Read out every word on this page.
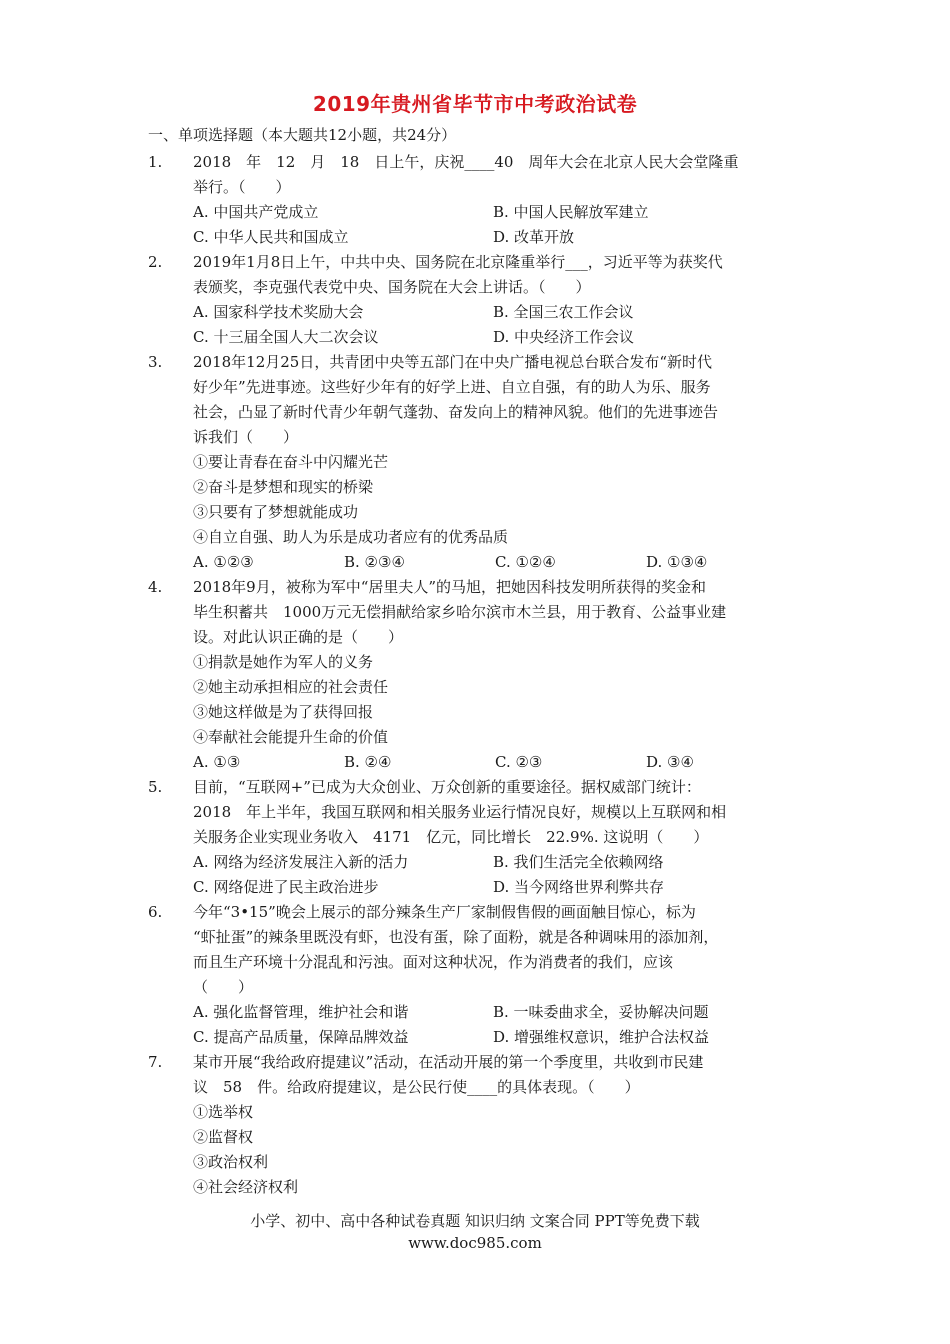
2019年贵州省毕节市中考政治试卷
一、单项选择题（本大题共12小题，共24分）
1.	2018　年　12　月　18　日上午，庆祝____40　周年大会在北京人民大会堂隆重
举行。（　　）
A. 中国共产党成立	B. 中国人民解放军建立
C. 中华人民共和国成立	D. 改革开放
2.	2019年1月8日上午，中共中央、国务院在北京隆重举行___，习近平等为获奖代
表颁奖，李克强代表党中央、国务院在大会上讲话。（　　）
A. 国家科学技术奖励大会	B. 全国三农工作会议
C. 十三届全国人大二次会议	D. 中央经济工作会议
3.	2018年12月25日，共青团中央等五部门在中央广播电视总台联合发布“新时代
好少年”先进事迹。这些好少年有的好学上进、自立自强，有的助人为乐、服务
社会，凸显了新时代青少年朝气蓬勃、奋发向上的精神风貌。他们的先进事迹告
诉我们（　　）
①要让青春在奋斗中闪耀光芒
②奋斗是梦想和现实的桥梁
③只要有了梦想就能成功
④自立自强、助人为乐是成功者应有的优秀品质
A. ①②③	B. ②③④	C. ①②④	D. ①③④
4.	2018年9月，被称为军中“居里夫人”的马旭，把她因科技发明所获得的奖金和
毕生积蓄共　1000万元无偿捐献给家乡哈尔滨市木兰县，用于教育、公益事业建
设。对此认识正确的是（　　）
①捐款是她作为军人的义务
②她主动承担相应的社会责任
③她这样做是为了获得回报
④奉献社会能提升生命的价值
A. ①③	B. ②④	C. ②③	D. ③④
5.	目前，“互联网+”已成为大众创业、万众创新的重要途径。据权威部门统计：
2018　年上半年，我国互联网和相关服务业运行情况良好，规模以上互联网和相
关服务企业实现业务收入　4171　亿元，同比增长　22.9%. 这说明（　　）
A. 网络为经济发展注入新的活力	B. 我们生活完全依赖网络
C. 网络促进了民主政治进步	D. 当今网络世界利弊共存
6.	今年“3•15”晚会上展示的部分辣条生产厂家制假售假的画面触目惊心，标为
“虾扯蛋”的辣条里既没有虾，也没有蛋，除了面粉，就是各种调味用的添加剂，
而且生产环境十分混乱和污浊。面对这种状况，作为消费者的我们，应该
（　　）
A. 强化监督管理，维护社会和谐	B. 一味委曲求全，妥协解决问题
C. 提高产品质量，保障品牌效益	D. 增强维权意识，维护合法权益
7.	某市开展“我给政府提建议”活动，在活动开展的第一个季度里，共收到市民建
议　58　件。给政府提建议，是公民行使____的具体表现。（　　）
①选举权
②监督权
③政治权利
④社会经济权利
小学、初中、高中各种试卷真题 知识归纳 文案合同 PPT等免费下载
www.doc985.com
